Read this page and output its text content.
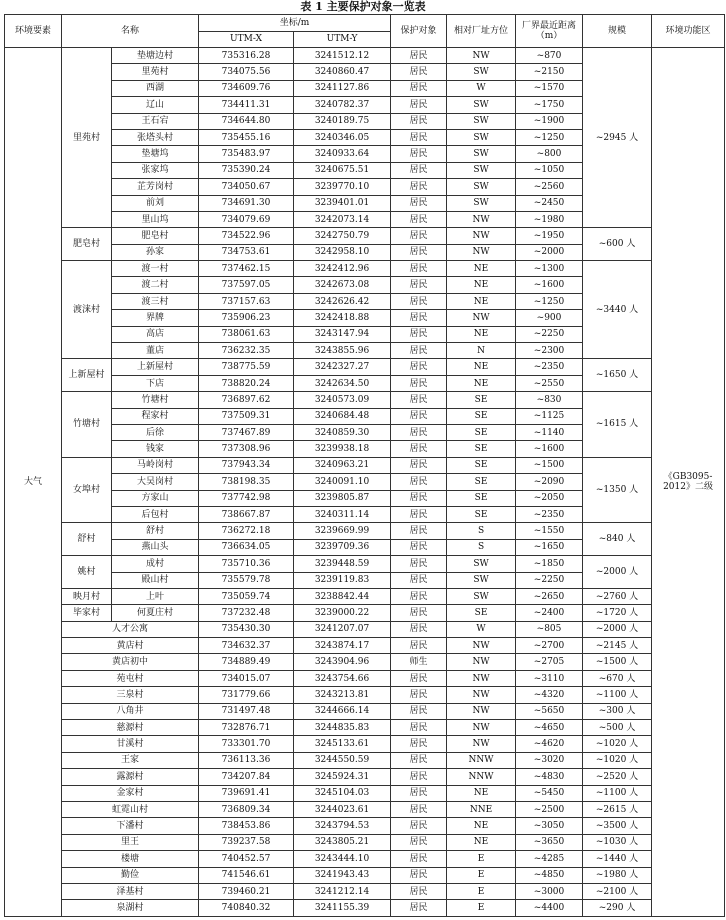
表 1 主要保护对象一览表
环境要素	名称		坐标/m		保护对象	相对厂址方位	厂界最近距离（m）	规模	环境功能区
			UTM-X	UTM-Y					
大气	里苑村	垫塘边村	735316.28	3241512.12	居民	NW	~870	~2945 人	《GB3095-2012》二级
		里苑村	734075.56	3240860.47	居民	SW	~2150		
		西湖	734609.76	3241127.86	居民	W	~1570		
		辽山	734411.31	3240782.37	居民	SW	~1750		
		王石宕	734644.80	3240189.75	居民	SW	~1900		
		张塔头村	735455.16	3240346.05	居民	SW	~1250		
		垫塘坞	735483.97	3240933.64	居民	SW	~800		
		张家坞	735390.24	3240675.51	居民	SW	~1050		
		芷芳岗村	734050.67	3239770.10	居民	SW	~2560		
		前刘	734691.30	3239401.01	居民	SW	~2450		
		里山坞	734079.69	3242073.14	居民	NW	~1980		
	肥皂村	肥皂村	734522.96	3242750.79	居民	NW	~1950	~600 人	
		孙家	734753.61	3242958.10	居民	NW	~2000		
	渡涞村	渡一村	737462.15	3242412.96	居民	NE	~1300	~3440 人	
		渡二村	737597.05	3242673.08	居民	NE	~1600		
		渡三村	737157.63	3242626.42	居民	NE	~1250		
		界牌	735906.23	3242418.88	居民	NW	~900		
		高店	738061.63	3243147.94	居民	NE	~2250		
		董店	736232.35	3243855.96	居民	N	~2300		
	上新屋村	上新屋村	738775.59	3242327.27	居民	NE	~2350	~1650 人	
		下店	738820.24	3242634.50	居民	NE	~2550		
	竹塘村	竹塘村	736897.62	3240573.09	居民	SE	~830	~1615 人	
		程家村	737509.31	3240684.48	居民	SE	~1125		
		后徐	737467.89	3240859.30	居民	SE	~1140		
		钱家	737308.96	3239938.18	居民	SE	~1600		
	女埠村	马岭岗村	737943.34	3240963.21	居民	SE	~1500	~1350 人	
		大吴岗村	738198.35	3240091.10	居民	SE	~2090		
		方家山	737742.98	3239805.87	居民	SE	~2050		
		后包村	738667.87	3240311.14	居民	SE	~2350		
	舒村	舒村	736272.18	3239669.99	居民	S	~1550	~840 人	
		燕山头	736634.05	3239709.36	居民	S	~1650		
	姚村	成村	735710.36	3239448.59	居民	SW	~1850	~2000 人	
		殿山村	735579.78	3239119.83	居民	SW	~2250		
	映月村	上叶	735059.74	3238842.44	居民	SW	~2650	~2760 人	
	毕家村	何夏庄村	737232.48	3239000.22	居民	SE	~2400	~1720 人	
	人才公寓		735430.30	3241207.07	居民	W	~805	~2000 人	
	黄店村		734632.37	3243874.17	居民	NW	~2700	~2145 人	
	黄店初中		734889.49	3243904.96	师生	NW	~2705	~1500 人	
	苑屯村		734015.07	3243754.66	居民	NW	~3110	~670 人	
	三泉村		731779.66	3243213.81	居民	NW	~4320	~1100 人	
	八角井		731497.48	3244666.14	居民	NW	~5650	~300 人	
	慈源村		732876.71	3244835.83	居民	NW	~4650	~500 人	
	甘溪村		733301.70	3245133.61	居民	NW	~4620	~1020 人	
	王家		736113.36	3244550.59	居民	NNW	~3020	~1020 人	
	露源村		734207.84	3245924.31	居民	NNW	~4830	~2520 人	
	金家村		739691.41	3245104.03	居民	NE	~5450	~1100 人	
	虹霓山村		736809.34	3244023.61	居民	NNE	~2500	~2615 人	
	下潘村		738453.86	3243794.53	居民	NE	~3050	~3500 人	
	里王		739237.58	3243805.21	居民	NE	~3650	~1030 人	
	楼塘		740452.57	3243444.10	居民	E	~4285	~1440 人	
	勤俭		741546.61	3241943.43	居民	E	~4850	~1980 人	
	泽基村		739460.21	3241212.14	居民	E	~3000	~2100 人	
	泉湖村		740840.32	3241155.39	居民	E	~4400	~290 人	
